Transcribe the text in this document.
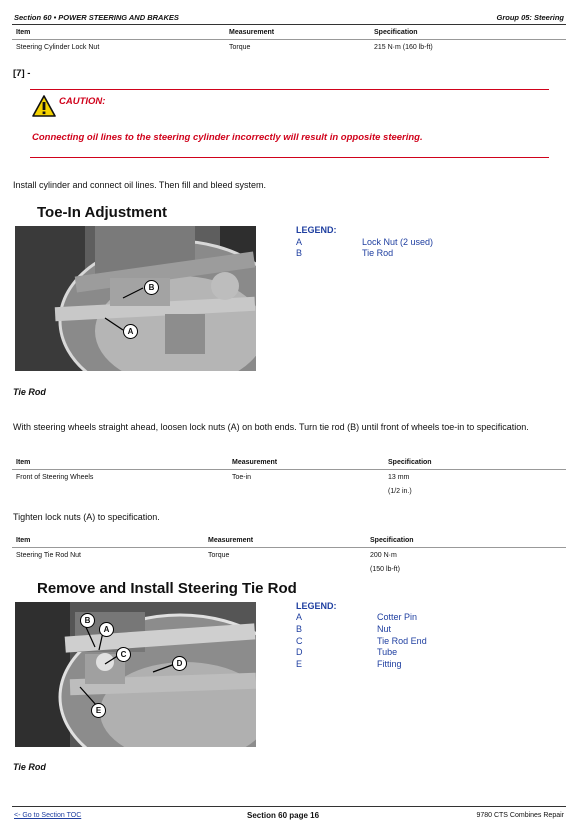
Section 60 • POWER STEERING AND BRAKES	Group 05: Steering
Item	Measurement	Specification
Steering Cylinder Lock Nut	Torque	215 N·m (160 lb-ft)
[7] -
CAUTION:
Connecting oil lines to the steering cylinder incorrectly will result in opposite steering.
Install cylinder and connect oil lines. Then fill and bleed system.
Toe-In Adjustment
B
A
LEGEND:
A	Lock Nut (2 used)
B	Tie Rod
Tie Rod
With steering wheels straight ahead, loosen lock nuts (A) on both ends. Turn tie rod (B) until front of wheels toe-in to specification.
Item	Measurement	Specification
Front of Steering Wheels	Toe-in	13 mm
(1/2 in.)
Tighten lock nuts (A) to specification.
Item	Measurement	Specification
Steering Tie Rod Nut	Torque	200 N·m
(150 lb-ft)
Remove and Install Steering Tie Rod
B
A
C
D
E
LEGEND:
A	Cotter Pin
B	Nut
C	Tie Rod End
D	Tube
E	Fitting
Tie Rod
<- Go to Section TOC	Section 60 page 16	9780 CTS Combines Repair
